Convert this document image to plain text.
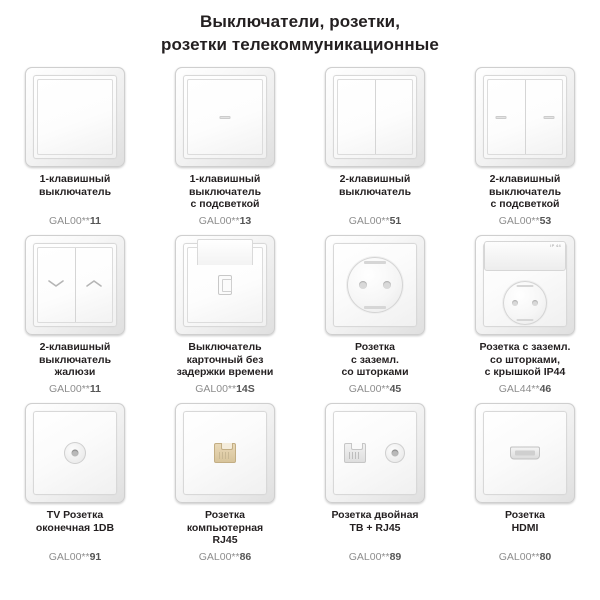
Выключатели, розетки,
розетки телекоммуникационные
1-клавишный
выключатель
GAL00**11
1-клавишный
выключатель
с подсветкой
GAL00**13
2-клавишный
выключатель
GAL00**51
2-клавишный
выключатель
с подсветкой
GAL00**53
2-клавишный
выключатель
жалюзи
GAL00**11
Выключатель
карточный без
задержки времени
GAL00**14S
Розетка
с заземл.
со шторками
GAL00**45
IP 44
Розетка с заземл.
со шторками,
с крышкой IP44
GAL44**46
TV Розетка
оконечная 1DB
GAL00**91
Розетка
компьютерная
RJ45
GAL00**86
Розетка двойная
ТВ + RJ45
GAL00**89
Розетка
HDMI
GAL00**80
